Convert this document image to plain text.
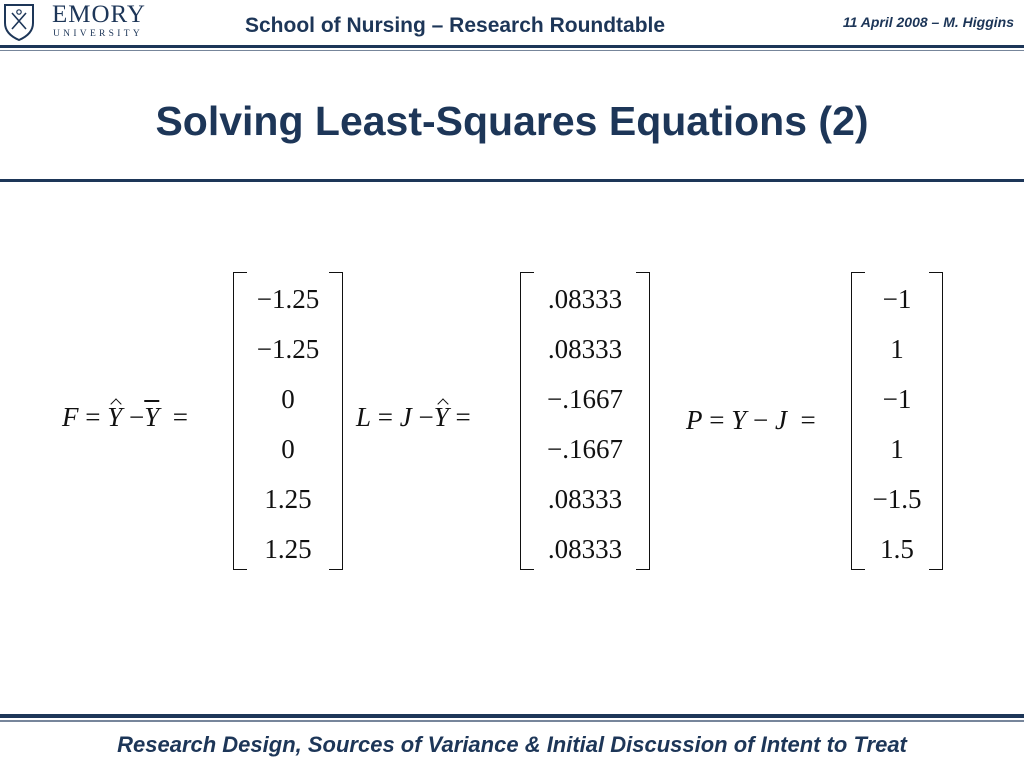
EMORY
UNIVERSITY	School of Nursing – Research Roundtable	11 April 2008 – M. Higgins
Solving Least-Squares Equations (2)
$F = Y -\overline{Y}$ =
−1.25
−1.25
0
0
1.25
1.25
L = J −Y =
.08333
.08333
−.1667
−.1667
.08333
.08333
P = Y − J =
−1
1
−1
1
−1.5
1.5
Research Design, Sources of Variance & Initial Discussion of Intent to Treat
